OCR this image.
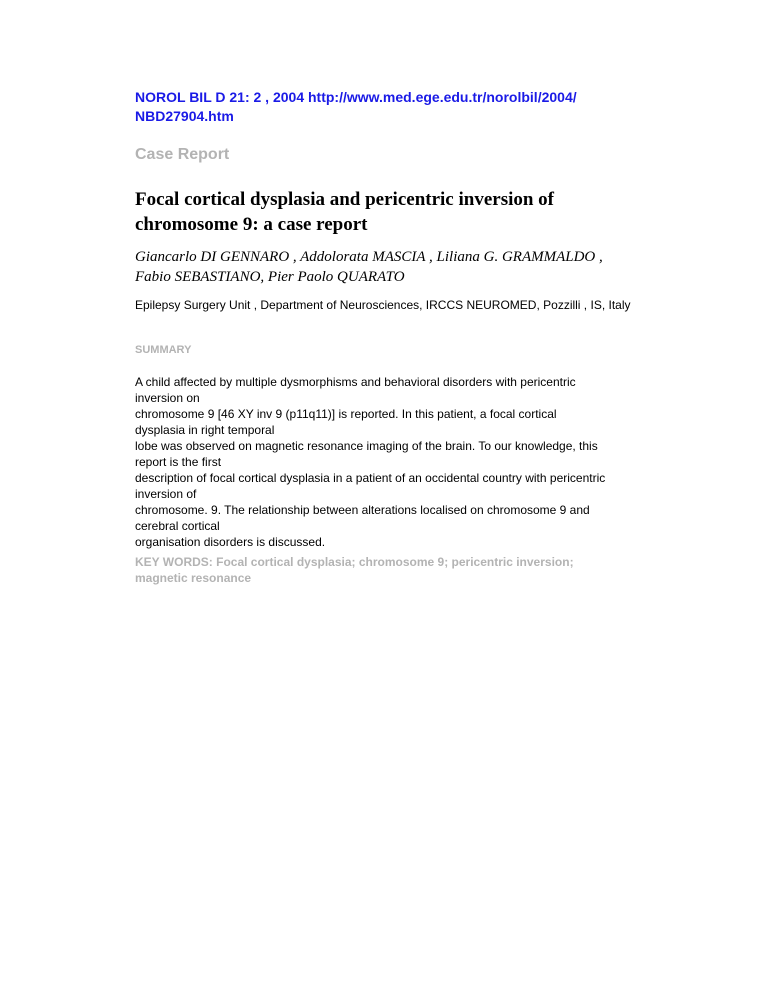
NOROL BIL D 21: 2 , 2004 http://www.med.ege.edu.tr/norolbil/2004/ NBD27904.htm

Case Report

Focal cortical dysplasia and pericentric inversion of chromosome 9: a case report

Giancarlo DI GENNARO , Addolorata MASCIA , Liliana G. GRAMMALDO , Fabio SEBASTIANO, Pier Paolo QUARATO

Epilepsy Surgery Unit , Department of Neurosciences, IRCCS NEUROMED, Pozzilli , IS, Italy

SUMMARY

A child affected by multiple dysmorphisms and behavioral disorders with pericentric
inversion on
chromosome 9 [46 XY inv 9 (p11q11)] is reported. In this patient, a focal cortical
dysplasia in right temporal
lobe was observed on magnetic resonance imaging of the brain. To our knowledge, this
report is the first
description of focal cortical dysplasia in a patient of an occidental country with pericentric
inversion of
chromosome. 9. The relationship between alterations localised on chromosome 9 and
cerebral cortical
organisation disorders is discussed.

KEY WORDS: Focal cortical dysplasia; chromosome 9; pericentric inversion; magnetic resonance
